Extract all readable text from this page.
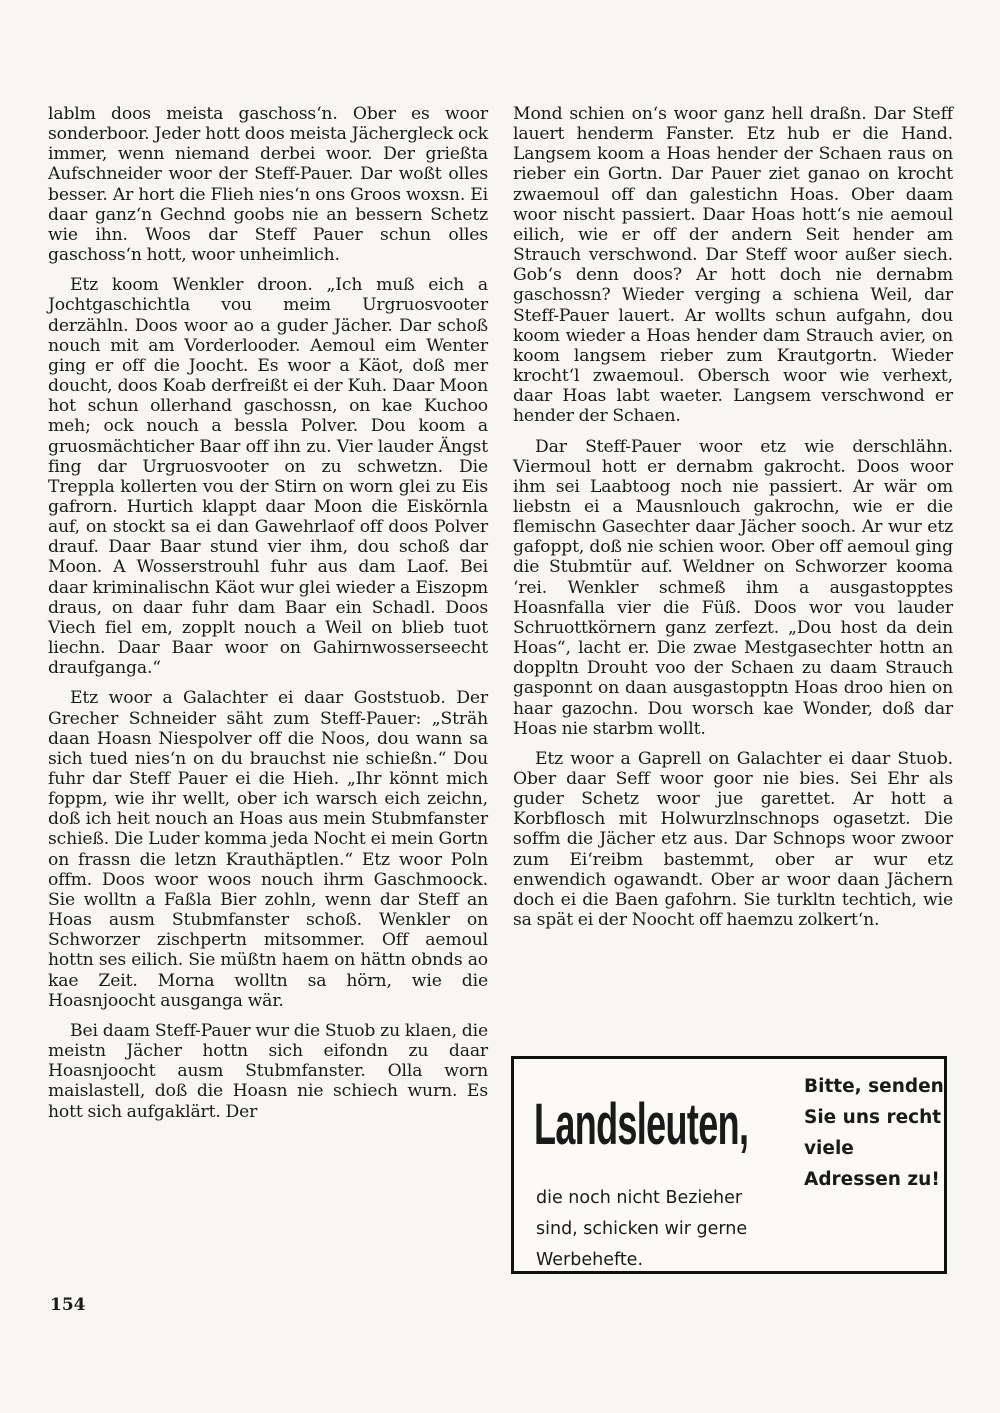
lablm doos meista gaschoss‘n. Ober es woor sonderboor. Jeder hott doos meista Jächergleck ock immer, wenn niemand derbei woor. Der grießta Aufschneider woor der Steff-Pauer. Dar woßt olles besser. Ar hort die Flieh nies‘n ons Groos woxsn. Ei daar ganz‘n Gechnd goobs nie an bessern Schetz wie ihn. Woos dar Steff Pauer schun olles gaschoss‘n hott, woor unheimlich.

Etz koom Wenkler droon. „Ich muß eich a Jochtgaschichtla vou meim Urgruosvooter derzähln. Doos woor ao a guder Jächer. Dar schoß nouch mit am Vorderlooder. Aemoul eim Wenter ging er off die Joocht. Es woor a Käot, doß mer doucht, doos Koab derfreißt ei der Kuh. Daar Moon hot schun ollerhand gaschossn, on kae Kuchoo meh; ock nouch a bessla Polver. Dou koom a gruosmächticher Baar off ihn zu. Vier lauder Ängst fing dar Urgruosvooter on zu schwetzn. Die Treppla kollerten vou der Stirn on worn glei zu Eis gafrorn. Hurtich klappt daar Moon die Eiskörnla auf, on stockt sa ei dan Gawehrlaof off doos Polver drauf. Daar Baar stund vier ihm, dou schoß dar Moon. A Wosserstrouhl fuhr aus dam Laof. Bei daar kriminalischn Käot wur glei wieder a Eiszopm draus, on daar fuhr dam Baar ein Schadl. Doos Viech fiel em, zopplt nouch a Weil on blieb tuot liechn. Daar Baar woor on Gahirnwosserseecht draufganga.“

Etz woor a Galachter ei daar Goststuob. Der Grecher Schneider säht zum Steff-Pauer: „Sträh daan Hoasn Niespolver off die Noos, dou wann sa sich tued nies‘n on du brauchst nie schießn.“ Dou fuhr dar Steff Pauer ei die Hieh. „Ihr könnt mich foppm, wie ihr wellt, ober ich warsch eich zeichn, doß ich heit nouch an Hoas aus mein Stubmfanster schieß. Die Luder komma jeda Nocht ei mein Gortn on frassn die letzn Krauthäptlen.“ Etz woor Poln offm. Doos woor woos nouch ihrm Gaschmoock. Sie wolltn a Faßla Bier zohln, wenn dar Steff an Hoas ausm Stubmfanster schoß. Wenkler on Schworzer zischpertn mitsommer. Off aemoul hottn ses eilich. Sie müßtn haem on hättn obnds ao kae Zeit. Morna wolltn sa hörn, wie die Hoasnjoocht ausganga wär.

Bei daam Steff-Pauer wur die Stuob zu klaen, die meistn Jächer hottn sich eifondn zu daar Hoasnjoocht ausm Stubmfanster. Olla worn maislastell, doß die Hoasn nie schiech wurn. Es hott sich aufgaklärt. Der

Mond schien on‘s woor ganz hell draßn. Dar Steff lauert henderm Fanster. Etz hub er die Hand. Langsem koom a Hoas hender der Schaen raus on rieber ein Gortn. Dar Pauer ziet ganao on krocht zwaemoul off dan galestichn Hoas. Ober daam woor nischt passiert. Daar Hoas hott‘s nie aemoul eilich, wie er off der andern Seit hender am Strauch verschwond. Dar Steff woor außer siech. Gob‘s denn doos? Ar hott doch nie dernabm gaschossn? Wieder verging a schiena Weil, dar Steff-Pauer lauert. Ar wollts schun aufgahn, dou koom wieder a Hoas hender dam Strauch avier, on koom langsem rieber zum Krautgortn. Wieder krocht‘l zwaemoul. Obersch woor wie verhext, daar Hoas labt waeter. Langsem verschwond er hender der Schaen.

Dar Steff-Pauer woor etz wie derschlähn. Viermoul hott er dernabm gakrocht. Doos woor ihm sei Laabtoog noch nie passiert. Ar wär om liebstn ei a Mausnlouch gakrochn, wie er die flemischn Gasechter daar Jächer sooch. Ar wur etz gafoppt, doß nie schien woor. Ober off aemoul ging die Stubmtür auf. Weldner on Schworzer kooma ‘rei. Wenkler schmeß ihm a ausgastopptes Hoasnfalla vier die Füß. Doos wor vou lauder Schruottkörnern ganz zerfezt. „Dou host da dein Hoas“, lacht er. Die zwae Mestgasechter hottn an doppltn Drouht voo der Schaen zu daam Strauch gasponnt on daan ausgastopptn Hoas droo hien on haar gazochn. Dou worsch kae Wonder, doß dar Hoas nie starbm wollt.

Etz woor a Gaprell on Galachter ei daar Stuob. Ober daar Seff woor goor nie bies. Sei Ehr als guder Schetz woor jue garettet. Ar hott a Korbflosch mit Holwurzlnschnops ogasetzt. Die soffm die Jächer etz aus. Dar Schnops woor zwoor zum Ei‘reibm bastemmt, ober ar wur etz enwendich ogawandt. Ober ar woor daan Jächern doch ei die Baen gafohrn. Sie turkltn techtich, wie sa spät ei der Noocht off haemzu zolkert‘n.

154
Landsleuten,
die noch nicht Bezieher sind, schicken wir gerne Werbehefte.
Bitte, senden Sie uns recht viele Adressen zu!
